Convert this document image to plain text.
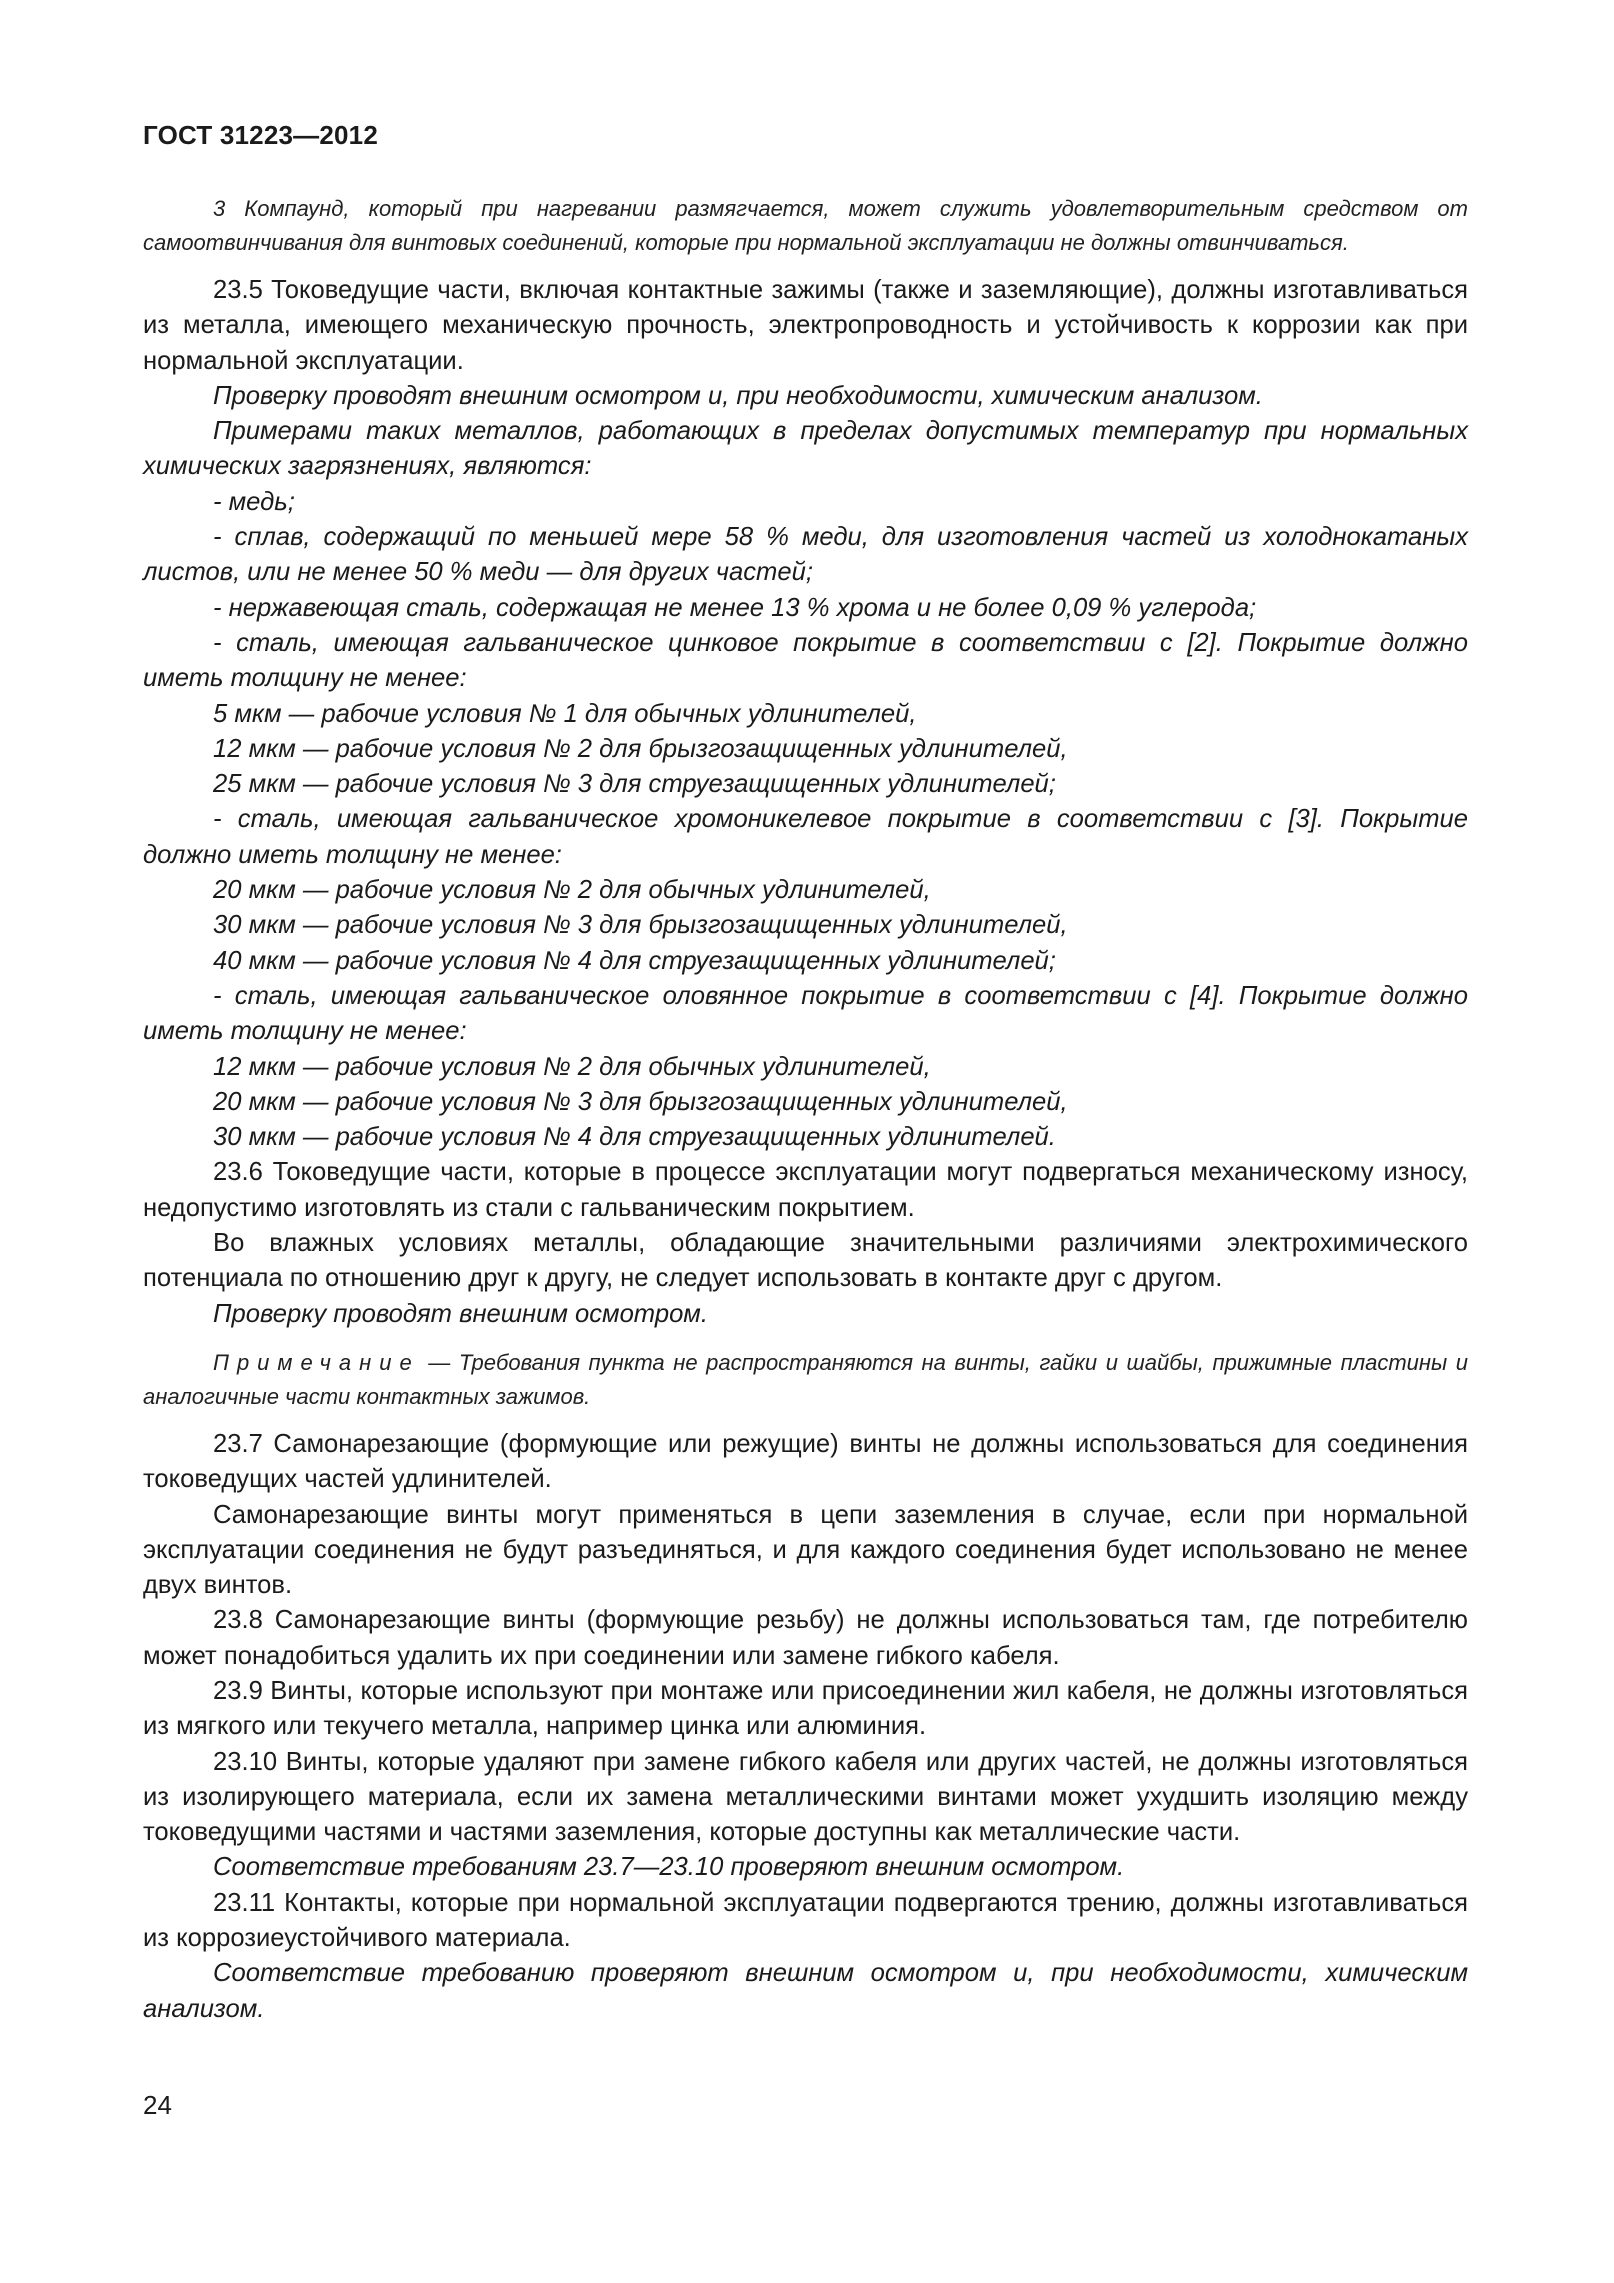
ГОСТ 31223—2012
3 Компаунд, который при нагревании размягчается, может служить удовлетворительным средством от самоотвинчивания для винтовых соединений, которые при нормальной эксплуатации не должны отвинчиваться.

23.5 Токоведущие части, включая контактные зажимы (также и заземляющие), должны изготавливаться из металла, имеющего механическую прочность, электропроводность и устойчивость к коррозии как при нормальной эксплуатации.

Проверку проводят внешним осмотром и, при необходимости, химическим анализом.

Примерами таких металлов, работающих в пределах допустимых температур при нормальных химических загрязнениях, являются:

- медь;

- сплав, содержащий по меньшей мере 58 % меди, для изготовления частей из холоднокатаных листов, или не менее 50 % меди — для других частей;

- нержавеющая сталь, содержащая не менее 13 % хрома и не более 0,09 % углерода;

- сталь, имеющая гальваническое цинковое покрытие в соответствии с [2]. Покрытие должно иметь толщину не менее:

5 мкм — рабочие условия № 1 для обычных удлинителей,

12 мкм — рабочие условия № 2 для брызгозащищенных удлинителей,

25 мкм — рабочие условия № 3 для струезащищенных удлинителей;

- сталь, имеющая гальваническое хромоникелевое покрытие в соответствии с [3]. Покрытие должно иметь толщину не менее:

20 мкм — рабочие условия № 2 для обычных удлинителей,

30 мкм — рабочие условия № 3 для брызгозащищенных удлинителей,

40 мкм — рабочие условия № 4 для струезащищенных удлинителей;

- сталь, имеющая гальваническое оловянное покрытие в соответствии с [4]. Покрытие должно иметь толщину не менее:

12 мкм — рабочие условия № 2 для обычных удлинителей,

20 мкм — рабочие условия № 3 для брызгозащищенных удлинителей,

30 мкм — рабочие условия № 4 для струезащищенных удлинителей.

23.6 Токоведущие части, которые в процессе эксплуатации могут подвергаться механическому износу, недопустимо изготовлять из стали с гальваническим покрытием.

Во влажных условиях металлы, обладающие значительными различиями электрохимического потенциала по отношению друг к другу, не следует использовать в контакте друг с другом.

Проверку проводят внешним осмотром.

Примечание — Требования пункта не распространяются на винты, гайки и шайбы, прижимные пластины и аналогичные части контактных зажимов.

23.7 Самонарезающие (формующие или режущие) винты не должны использоваться для соединения токоведущих частей удлинителей.

Самонарезающие винты могут применяться в цепи заземления в случае, если при нормальной эксплуатации соединения не будут разъединяться, и для каждого соединения будет использовано не менее двух винтов.

23.8 Самонарезающие винты (формующие резьбу) не должны использоваться там, где потребителю может понадобиться удалить их при соединении или замене гибкого кабеля.

23.9 Винты, которые используют при монтаже или присоединении жил кабеля, не должны изготовляться из мягкого или текучего металла, например цинка или алюминия.

23.10 Винты, которые удаляют при замене гибкого кабеля или других частей, не должны изготовляться из изолирующего материала, если их замена металлическими винтами может ухудшить изоляцию между токоведущими частями и частями заземления, которые доступны как металлические части.

Соответствие требованиям 23.7—23.10 проверяют внешним осмотром.

23.11 Контакты, которые при нормальной эксплуатации подвергаются трению, должны изготавливаться из коррозиеустойчивого материала.

Соответствие требованию проверяют внешним осмотром и, при необходимости, химическим анализом.

24
